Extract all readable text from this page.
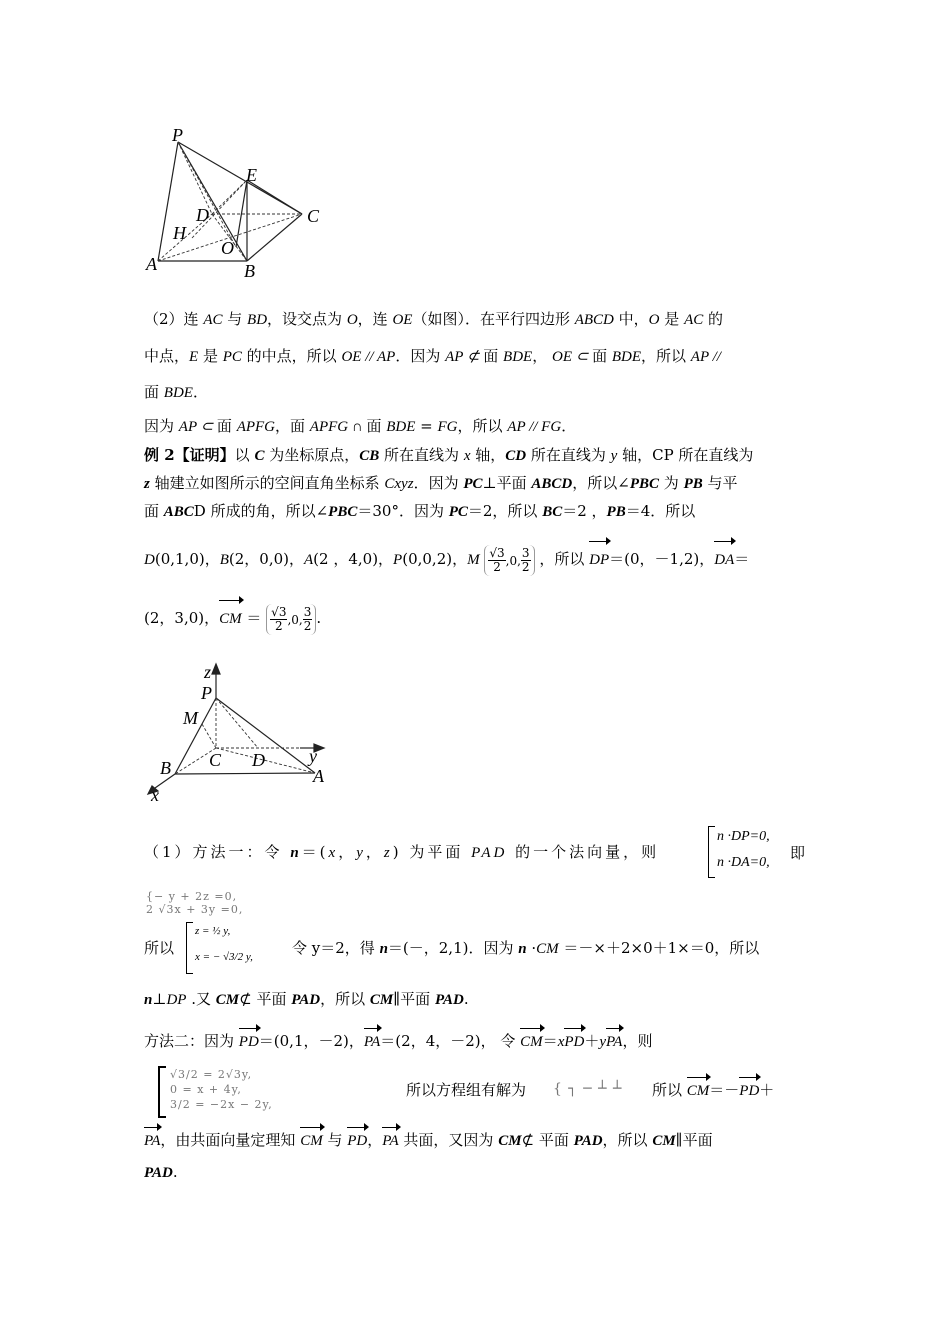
P
E
D	C
H
O
A	B
（2）连 AC 与 BD，设交点为 O，连 OE（如图）．在平行四边形 ABCD 中，O 是 AC 的
中点，E 是 PC 的中点，所以 OE // AP．因为 AP ⊄ 面 BDE， OE ⊂ 面 BDE，所以 AP //
面 BDE．
因为 AP ⊂ 面 APFG，面 APFG ∩ 面 BDE = FG，所以 AP // FG．
例 2【证明】以 C 为坐标原点，CB 所在直线为 x 轴，CD 所在直线为 y 轴，CP 所在直线为
z 轴建立如图所示的空间直角坐标系 Cxyz．因为 PC⊥平面 ABCD，所以∠PBC 为 PB 与平
面 ABCD 所成的角，所以∠PBC＝30°．因为 PC＝2，所以 BC＝2 ，PB＝4．所以
D(0,1,0)，B(2，0,0)，A(2 ，4,0)，P(0,0,2)，M $\frac{√3}{2} ,0$, $\frac{3}{2}$ ，所以 DP＝(0，－1,2)，DA＝
(2，3,0)，CM ＝ $\frac{√3}{2} ,0$, $\frac{3}{2}$ .
z
P
M
B C D y
A
x
（1）方法一：令 n＝(x，y，z) 为平面 PAD 的一个法向量，则
n ·DP=0,
n ·DA=0,
即
{− y + 2z =0,
2 √3x + 3y =0,
所以
z = ½ y,
x = − √3/2 y,	令 y＝2，得 n＝(－，2,1)．因为 n ·CM ＝－×＋2×0＋1×＝0，所以
n⊥DP .又 CM⊄ 平面 PAD，所以 CM∥平面 PAD.
方法二：因为 PD＝(0,1，－2)，PA＝(2，4，－2)， 令 CM＝xPD＋yPA，则
√3/2 = 2√3y,
0 = x + 4y,
3/2 = −2x − 2y,
所以方程组有解为 { ┐ ─ ┴ ┴ 所以 CM＝－PD＋
PA，由共面向量定理知 CM 与 PD，PA 共面，又因为 CM⊄ 平面 PAD，所以 CM∥平面
PAD.
